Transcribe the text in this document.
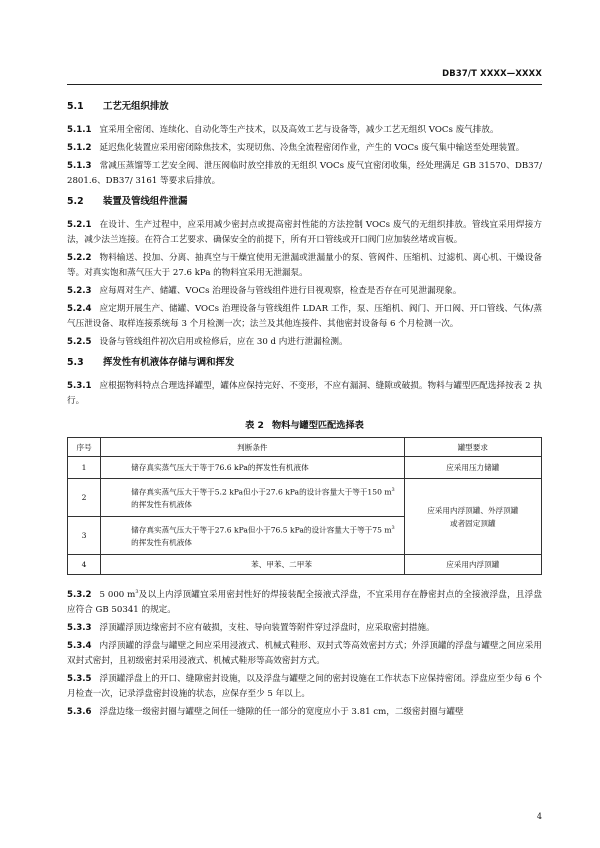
DB37/T XXXX—XXXX
5.1 工艺无组织排放
5.1.1 宜采用全密闭、连续化、自动化等生产技术，以及高效工艺与设备等，减少工艺无组织 VOCs 废气排放。
5.1.2 延迟焦化装置应采用密闭除焦技术，实现切焦、冷焦全流程密闭作业，产生的 VOCs 废气集中输送至处理装置。
5.1.3 常减压蒸馏等工艺安全阀、泄压阀临时放空排放的无组织 VOCs 废气宜密闭收集，经处理满足 GB 31570、DB37/ 2801.6、DB37/ 3161 等要求后排放。
5.2 装置及管线组件泄漏
5.2.1 在设计、生产过程中，应采用减少密封点或提高密封性能的方法控制 VOCs 废气的无组织排放。管线宜采用焊接方法，减少法兰连接。在符合工艺要求、确保安全的前提下，所有开口管线或开口阀门应加装丝堵或盲板。
5.2.2 物料输送、投加、分离、抽真空与干燥宜使用无泄漏或泄漏量小的泵、管阀件、压缩机、过滤机、离心机、干燥设备等。对真实饱和蒸气压大于 27.6 kPa 的物料宜采用无泄漏泵。
5.2.3 应每周对生产、储罐、VOCs 治理设备与管线组件进行目视观察，检查是否存在可见泄漏现象。
5.2.4 应定期开展生产、储罐、VOCs 治理设备与管线组件 LDAR 工作，泵、压缩机、阀门、开口阀、开口管线、气体/蒸气压泄设备、取样连接系统每 3 个月检测一次；法兰及其他连接件、其他密封设备每 6 个月检测一次。
5.2.5 设备与管线组件初次启用或检修后，应在 30 d 内进行泄漏检测。
5.3 挥发性有机液体存储与调和挥发
5.3.1 应根据物料特点合理选择罐型，罐体应保持完好、不变形，不应有漏洞、缝隙或破损。物料与罐型匹配选择按表 2 执行。
表 2 物料与罐型匹配选择表
序号	判断条件	罐型要求
1	储存真实蒸气压大于等于76.6 kPa的挥发性有机液体	应采用压力储罐
2	储存真实蒸气压大于等于5.2 kPa但小于27.6 kPa的设计容量大于等于150 $m^3$
的挥发性有机液体	应采用内浮顶罐、外浮顶罐
或者固定顶罐
3	储存真实蒸气压大于等于27.6 kPa但小于76.5 kPa的设计容量大于等于75 $m^3$
的挥发性有机液体	
4	苯、甲苯、二甲苯	应采用内浮顶罐
5.3.2 5 000 $m^3$及以上内浮顶罐宜采用密封性好的焊接装配全接液式浮盘，不宜采用存在静密封点的全接液浮盘，且浮盘应符合 GB 50341 的规定。
5.3.3 浮顶罐浮顶边缘密封不应有破损，支柱、导向装置等附件穿过浮盘时，应采取密封措施。
5.3.4 内浮顶罐的浮盘与罐壁之间应采用浸液式、机械式鞋形、双封式等高效密封方式；外浮顶罐的浮盘与罐壁之间应采用双封式密封，且初级密封采用浸液式、机械式鞋形等高效密封方式。
5.3.5 浮顶罐浮盘上的开口、缝隙密封设施，以及浮盘与罐壁之间的密封设施在工作状态下应保持密闭。浮盘应至少每 6 个月检查一次，记录浮盘密封设施的状态，应保存至少 5 年以上。
5.3.6 浮盘边缘一级密封圈与罐壁之间任一缝隙的任一部分的宽度应小于 3.81 cm，二级密封圈与罐壁
4
